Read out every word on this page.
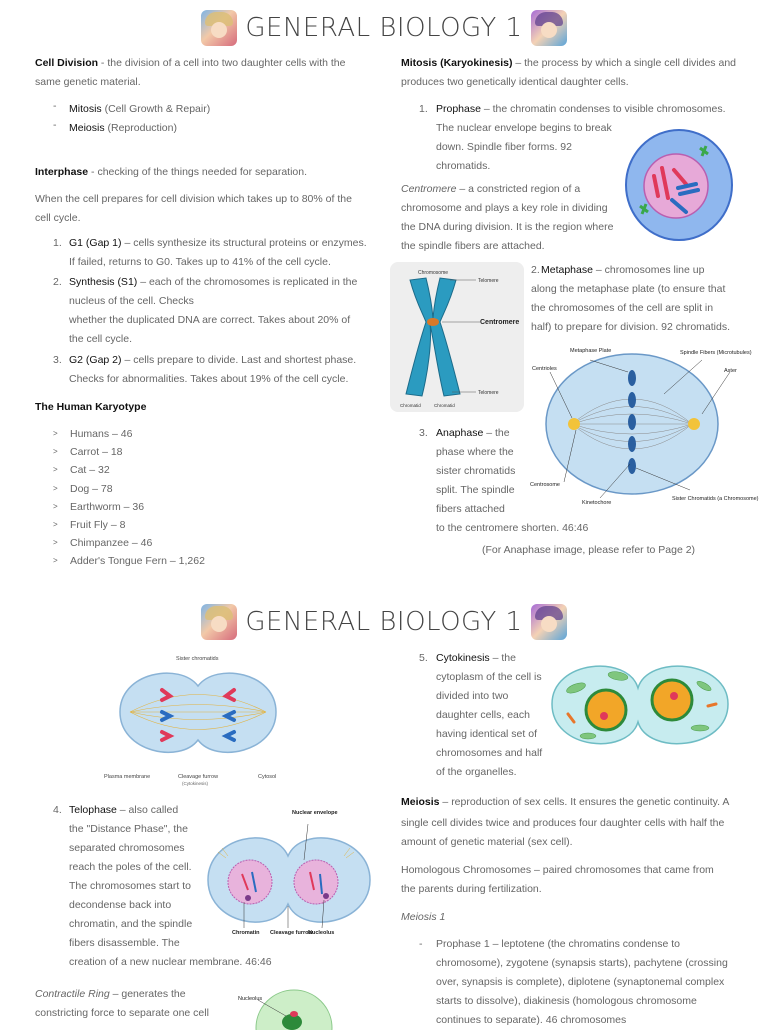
GENERAL BIOLOGY 1
Cell Division - the division of a cell into two daughter cells with the
same genetic material.
- Mitosis (Cell Growth & Repair)
- Meiosis (Reproduction)
Interphase - checking of the things needed for separation.
When the cell prepares for cell division which takes up to 80% of the
cell cycle.
1. G1 (Gap 1) – cells synthesize its structural proteins or enzymes.
If failed, returns to G0. Takes up to 41% of the cell cycle.
2. Synthesis (S1) – each of the chromosomes is replicated in the
nucleus of the cell. Checks
whether the duplicated DNA are correct. Takes about 20% of
the cell cycle.
3. G2 (Gap 2) – cells prepare to divide. Last and shortest phase.
Checks for abnormalities. Takes about 19% of the cell cycle.
The Human Karyotype
> Humans – 46
> Carrot – 18
> Cat – 32
> Dog – 78
> Earthworm – 36
> Fruit Fly – 8
> Chimpanzee – 46
> Adder's Tongue Fern – 1,262
Mitosis (Karyokinesis) – the process by which a single cell divides and
produces two genetically identical daughter cells.
1. Prophase – the chromatin condenses to visible chromosomes.
The nuclear envelope begins to break
down. Spindle fiber forms. 92
chromatids.
Centromere – a constricted region of a
chromosome and plays a key role in dividing
the DNA during division. It is the region where
the spindle fibers are attached.
Chromosome
Telomere
Centromere
Telomere
Chromatid	Chromatid
2. Metaphase – chromosomes line up
along the metaphase plate (to ensure that
the chromosomes of the cell are split in
half) to prepare for division. 92 chromatids.
Metaphase Plate	Spindle Fibers (Microtubules)
Centrioles	Aster
Centrosome
Kinetochore
Sister Chromatids (a Chromosome)
3. Anaphase – the
phase where the
sister chromatids
split. The spindle
fibers attached
to the centromere shorten. 46:46
(For Anaphase image, please refer to Page 2)
GENERAL BIOLOGY 1
Sister chromatids
Plasma membrane	Cleavage furrow
(Cytokinesis)
Cytosol
4. Telophase – also called
the "Distance Phase", the
separated chromosomes
reach the poles of the cell.
The chromosomes start to
decondense back into
chromatin, and the spindle
fibers disassemble. The
creation of a new nuclear membrane. 46:46
Nuclear envelope
Chromatin Cleavage furrow
Nucleolus
Contractile Ring – generates the
constricting force to separate one cell
Nucleolus
5. Cytokinesis – the
cytoplasm of the cell is
divided into two
daughter cells, each
having identical set of
chromosomes and half
of the organelles.
Meiosis – reproduction of sex cells. It ensures the genetic continuity. A
single cell divides twice and produces four daughter cells with half the
amount of genetic material (sex cell).
Homologous Chromosomes – paired chromosomes that came from
the parents during fertilization.
Meiosis 1
- Prophase 1 – leptotene (the chromatins condense to
chromosome), zygotene (synapsis starts), pachytene (crossing
over, synapsis is complete), diplotene (synaptonemal complex
starts to dissolve), diakinesis (homologous chromosome
continues to separate). 46 chromosomes
